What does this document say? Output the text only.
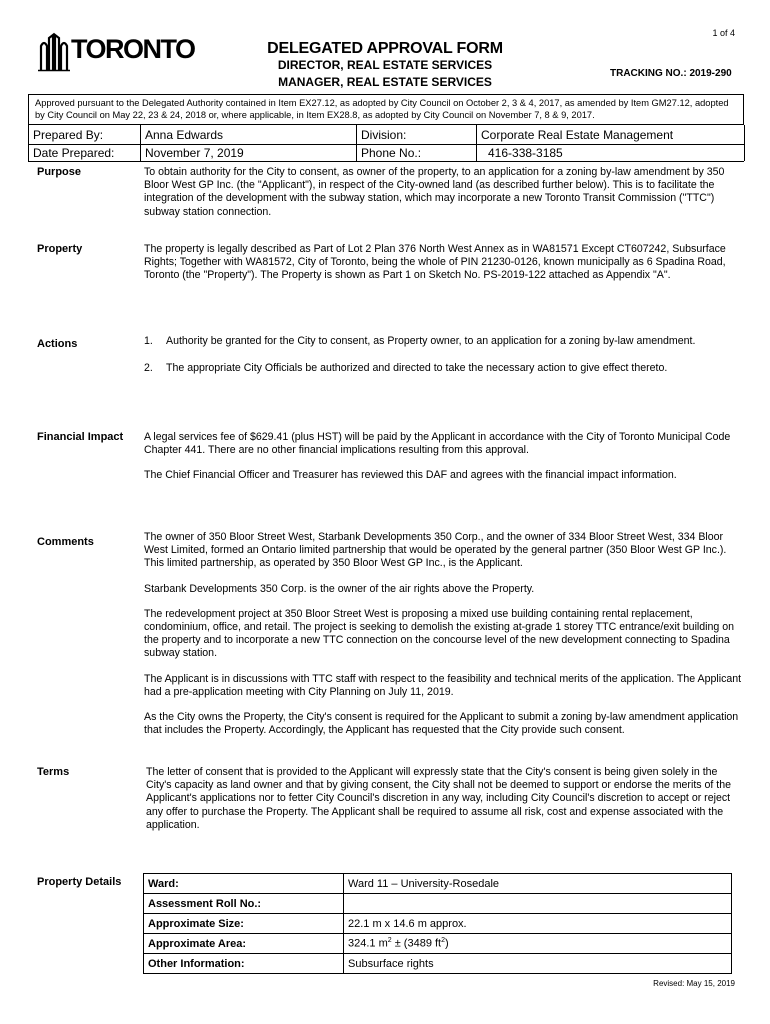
1 of 4
TORONTO	DELEGATED APPROVAL FORM
DIRECTOR, REAL ESTATE SERVICES
MANAGER, REAL ESTATE SERVICES
TRACKING NO.: 2019-290
Approved pursuant to the Delegated Authority contained in Item EX27.12, as adopted by City Council on October 2, 3 & 4, 2017, as amended by Item GM27.12, adopted by City Council on May 22, 23 & 24, 2018 or, where applicable, in Item EX28.8, as adopted by City Council on November 7, 8 & 9, 2017.
Prepared By:	Anna Edwards	Division:	Corporate Real Estate Management
Date Prepared:	November 7, 2019	Phone No.:	416-338-3185
Purpose	To obtain authority for the City to consent, as owner of the property, to an application for a zoning by-law amendment by 350 Bloor West GP Inc. (the "Applicant"), in respect of the City-owned land (as described further below). This is to facilitate the integration of the development with the subway station, which may incorporate a new Toronto Transit Commission ("TTC") subway station connection.

Property	The property is legally described as Part of Lot 2 Plan 376 North West Annex as in WA81571 Except CT607242, Subsurface Rights; Together with WA81572, City of Toronto, being the whole of PIN 21230-0126, known municipally as 6 Spadina Road, Toronto (the "Property"). The Property is shown as Part 1 on Sketch No. PS-2019-122 attached as Appendix "A".

Actions	1. Authority be granted for the City to consent, as Property owner, to an application for a zoning by-law amendment.
2. The appropriate City Officials be authorized and directed to take the necessary action to give effect thereto.
Financial Impact A legal services fee of $629.41 (plus HST) will be paid by the Applicant in accordance with the City of Toronto Municipal Code Chapter 441. There are no other financial implications resulting from this approval.

The Chief Financial Officer and Treasurer has reviewed this DAF and agrees with the financial impact information.

Comments	The owner of 350 Bloor Street West, Starbank Developments 350 Corp., and the owner of 334 Bloor Street West, 334 Bloor West Limited, formed an Ontario limited partnership that would be operated by the general partner (350 Bloor West GP Inc.). This limited partnership, as operated by 350 Bloor West GP Inc., is the Applicant.

Starbank Developments 350 Corp. is the owner of the air rights above the Property.

The redevelopment project at 350 Bloor Street West is proposing a mixed use building containing rental replacement, condominium, office, and retail. The project is seeking to demolish the existing at-grade 1 storey TTC entrance/exit building on the property and to incorporate a new TTC connection on the concourse level of the new development connecting to Spadina subway station.

The Applicant is in discussions with TTC staff with respect to the feasibility and technical merits of the application. The Applicant had a pre-application meeting with City Planning on July 11, 2019.

As the City owns the Property, the City's consent is required for the Applicant to submit a zoning by-law amendment application that includes the Property. Accordingly, the Applicant has requested that the City provide such consent.

Terms	The letter of consent that is provided to the Applicant will expressly state that the City's consent is being given solely in the City's capacity as land owner and that by giving consent, the City shall not be deemed to support or endorse the merits of the Applicant's applications nor to fetter City Council's discretion in any way, including City Council's discretion to accept or reject any offer to purchase the Property. The Applicant shall be required to assume all risk, cost and expense associated with the application.

Property Details Ward:	Ward 11 – University-Rosedale
Assessment Roll No.:	
Approximate Size:	22.1 m x 14.6 m approx.
Approximate Area:	324.1 $m^2 \pm (3489$ $ft^2$)
Other Information:	Subsurface rights
Revised: May 15, 2019
